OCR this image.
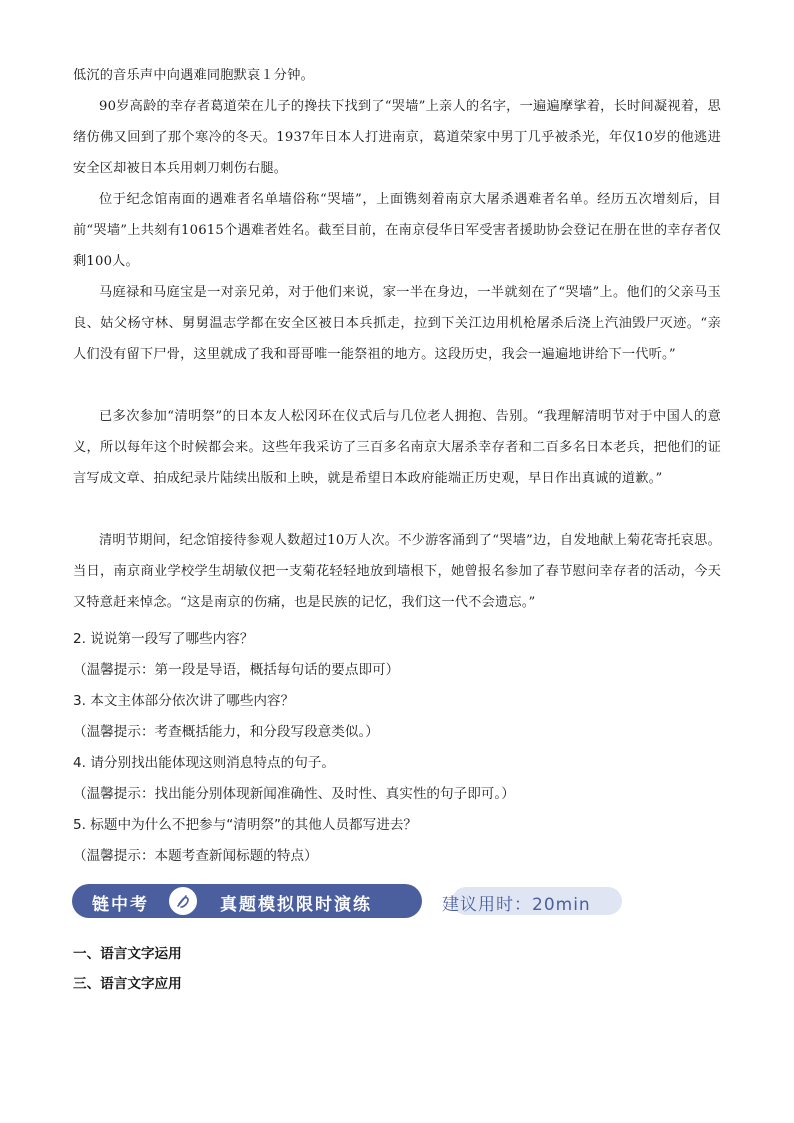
低沉的音乐声中向遇难同胞默哀１分钟。
90岁高龄的幸存者葛道荣在儿子的搀扶下找到了“哭墙”上亲人的名字，一遍遍摩挲着，长时间凝视着，思绪仿佛又回到了那个寒冷的冬天。1937年日本人打进南京，葛道荣家中男丁几乎被杀光，年仅10岁的他逃进安全区却被日本兵用刺刀刺伤右腿。
位于纪念馆南面的遇难者名单墙俗称“哭墙”，上面镌刻着南京大屠杀遇难者名单。经历五次增刻后，目前“哭墙”上共刻有10615个遇难者姓名。截至目前，在南京侵华日军受害者援助协会登记在册在世的幸存者仅剩100人。
马庭禄和马庭宝是一对亲兄弟，对于他们来说，家一半在身边，一半就刻在了“哭墙”上。他们的父亲马玉良、姑父杨守林、舅舅温志学都在安全区被日本兵抓走，拉到下关江边用机枪屠杀后浇上汽油毁尸灭迹。“亲人们没有留下尸骨，这里就成了我和哥哥唯一能祭祖的地方。这段历史，我会一遍遍地讲给下一代听。”
已多次参加“清明祭”的日本友人松冈环在仪式后与几位老人拥抱、告别。“我理解清明节对于中国人的意义，所以每年这个时候都会来。这些年我采访了三百多名南京大屠杀幸存者和二百多名日本老兵，把他们的证言写成文章、拍成纪录片陆续出版和上映，就是希望日本政府能端正历史观，早日作出真诚的道歉。”
清明节期间，纪念馆接待参观人数超过10万人次。不少游客涌到了“哭墙”边，自发地献上菊花寄托哀思。当日，南京商业学校学生胡敏仪把一支菊花轻轻地放到墙根下，她曾报名参加了春节慰问幸存者的活动，今天又特意赶来悼念。“这是南京的伤痛，也是民族的记忆，我们这一代不会遗忘。”
2. 说说第一段写了哪些内容？
（温馨提示：第一段是导语，概括每句话的要点即可）
3. 本文主体部分依次讲了哪些内容？
（温馨提示：考查概括能力，和分段写段意类似。）
4. 请分别找出能体现这则消息特点的句子。
（温馨提示：找出能分别体现新闻准确性、及时性、真实性的句子即可。）
5. 标题中为什么不把参与“清明祭”的其他人员都写进去？
（温馨提示：本题考查新闻标题的特点）
链中考	真题模拟限时演练	建议用时：20min
一、语言文字运用
三、语言文字应用
